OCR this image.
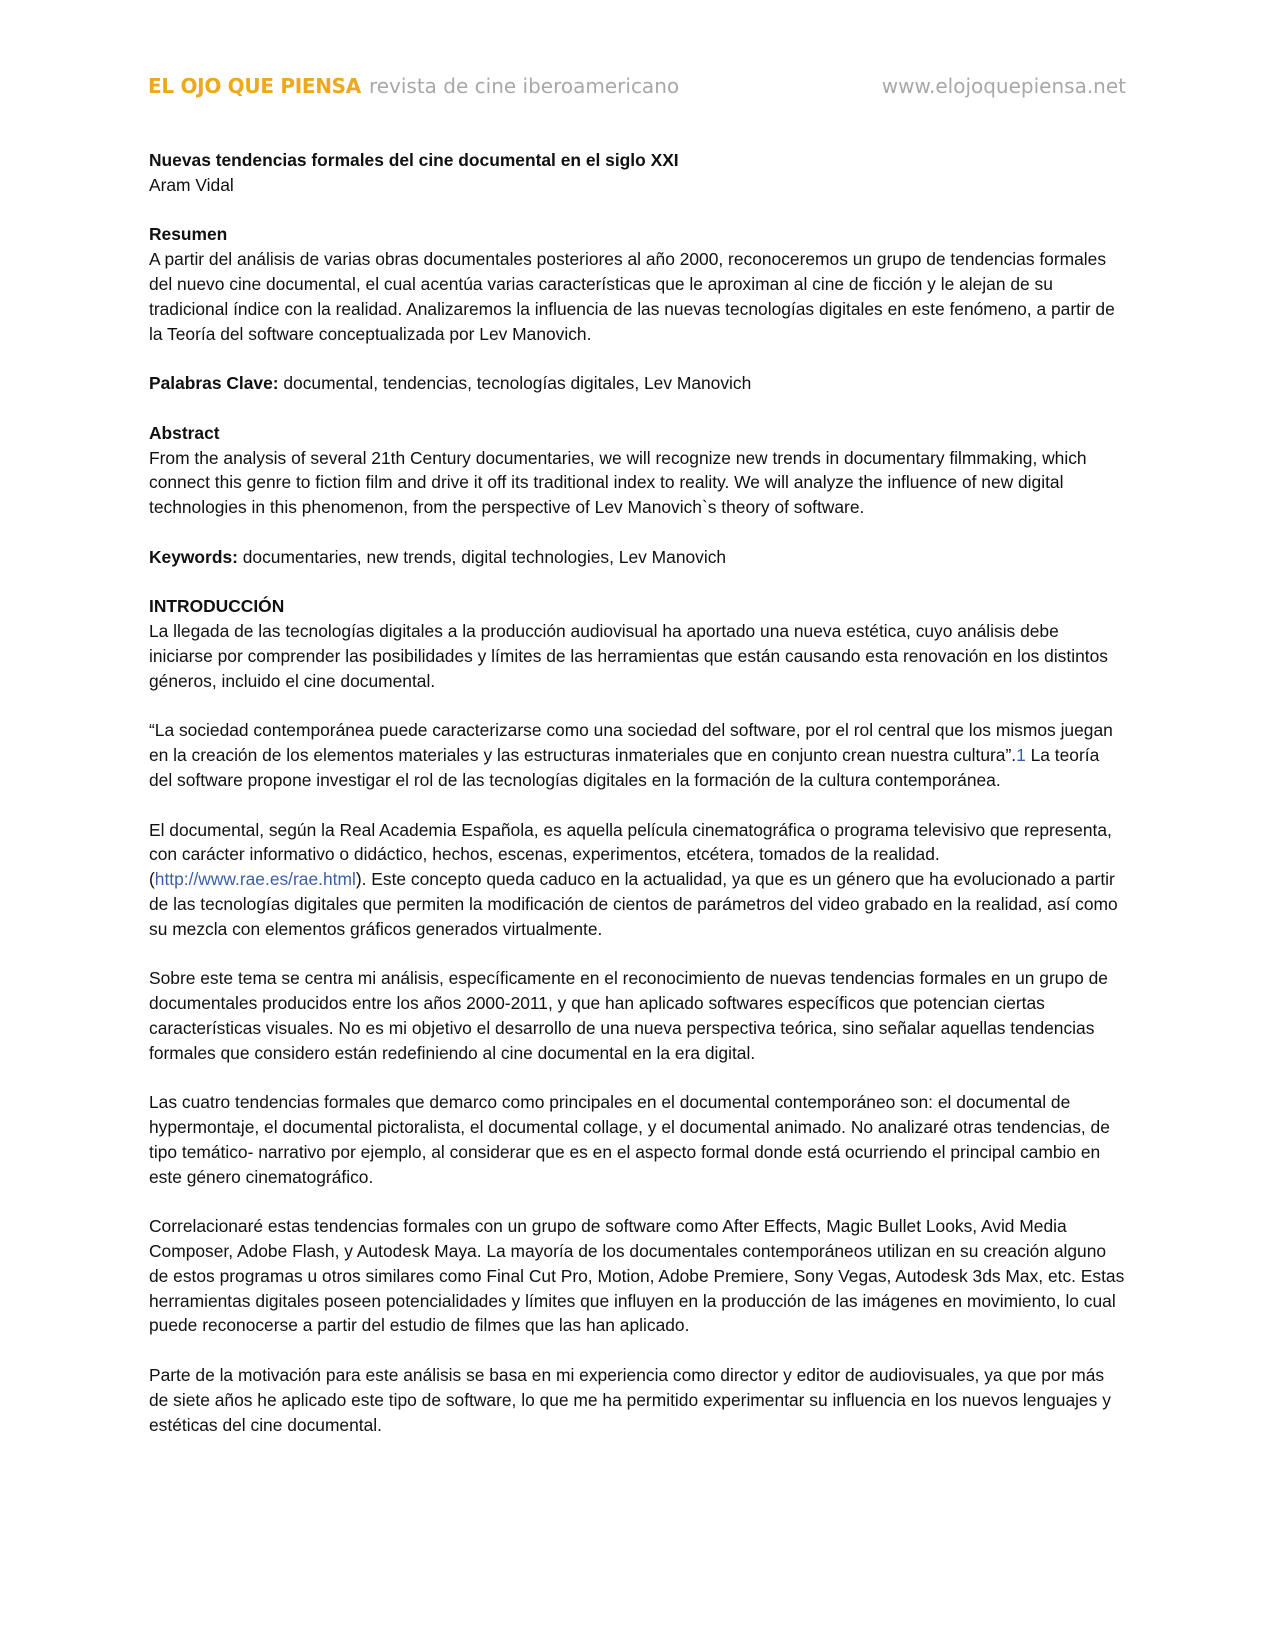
EL OJO QUE PIENSA revista de cine iberoamericano	www.elojoquepiensa.net

Nuevas tendencias formales del cine documental en el siglo XXI

Aram Vidal

Resumen

A partir del análisis de varias obras documentales posteriores al año 2000, reconoceremos un grupo de tendencias formales del nuevo cine documental, el cual acentúa varias características que le aproximan al cine de ficción y le alejan de su tradicional índice con la realidad. Analizaremos la influencia de las nuevas tecnologías digitales en este fenómeno, a partir de la Teoría del software conceptualizada por Lev Manovich.

Palabras Clave: documental, tendencias, tecnologías digitales, Lev Manovich

Abstract

From the analysis of several 21th Century documentaries, we will recognize new trends in documentary filmmaking, which connect this genre to fiction film and drive it off its traditional index to reality. We will analyze the influence of new digital technologies in this phenomenon, from the perspective of Lev Manovich`s theory of software.

Keywords: documentaries, new trends, digital technologies, Lev Manovich

INTRODUCCIÓN

La llegada de las tecnologías digitales a la producción audiovisual ha aportado una nueva estética, cuyo análisis debe iniciarse por comprender las posibilidades y límites de las herramientas que están causando esta renovación en los distintos géneros, incluido el cine documental.

“La sociedad contemporánea puede caracterizarse como una sociedad del software, por el rol central que los mismos juegan en la creación de los elementos materiales y las estructuras inmateriales que en conjunto crean nuestra cultura”.1 La teoría del software propone investigar el rol de las tecnologías digitales en la formación de la cultura contemporánea.

El documental, según la Real Academia Española, es aquella película cinematográfica o programa televisivo que representa, con carácter informativo o didáctico, hechos, escenas, experimentos, etcétera, tomados de la realidad. (http://www.rae.es/rae.html). Este concepto queda caduco en la actualidad, ya que es un género que ha evolucionado a partir de las tecnologías digitales que permiten la modificación de cientos de parámetros del video grabado en la realidad, así como su mezcla con elementos gráficos generados virtualmente.

Sobre este tema se centra mi análisis, específicamente en el reconocimiento de nuevas tendencias formales en un grupo de documentales producidos entre los años 2000-2011, y que han aplicado softwares específicos que potencian ciertas características visuales. No es mi objetivo el desarrollo de una nueva perspectiva teórica, sino señalar aquellas tendencias formales que considero están redefiniendo al cine documental en la era digital.

Las cuatro tendencias formales que demarco como principales en el documental contemporáneo son: el documental de hypermontaje, el documental pictoralista, el documental collage, y el documental animado. No analizaré otras tendencias, de tipo temático- narrativo por ejemplo, al considerar que es en el aspecto formal donde está ocurriendo el principal cambio en este género cinematográfico.

Correlacionaré estas tendencias formales con un grupo de software como After Effects, Magic Bullet Looks, Avid Media Composer, Adobe Flash, y Autodesk Maya. La mayoría de los documentales contemporáneos utilizan en su creación alguno de estos programas u otros similares como Final Cut Pro, Motion, Adobe Premiere, Sony Vegas, Autodesk 3ds Max, etc. Estas herramientas digitales poseen potencialidades y límites que influyen en la producción de las imágenes en movimiento, lo cual puede reconocerse a partir del estudio de filmes que las han aplicado.

Parte de la motivación para este análisis se basa en mi experiencia como director y editor de audiovisuales, ya que por más de siete años he aplicado este tipo de software, lo que me ha permitido experimentar su influencia en los nuevos lenguajes y estéticas del cine documental.
